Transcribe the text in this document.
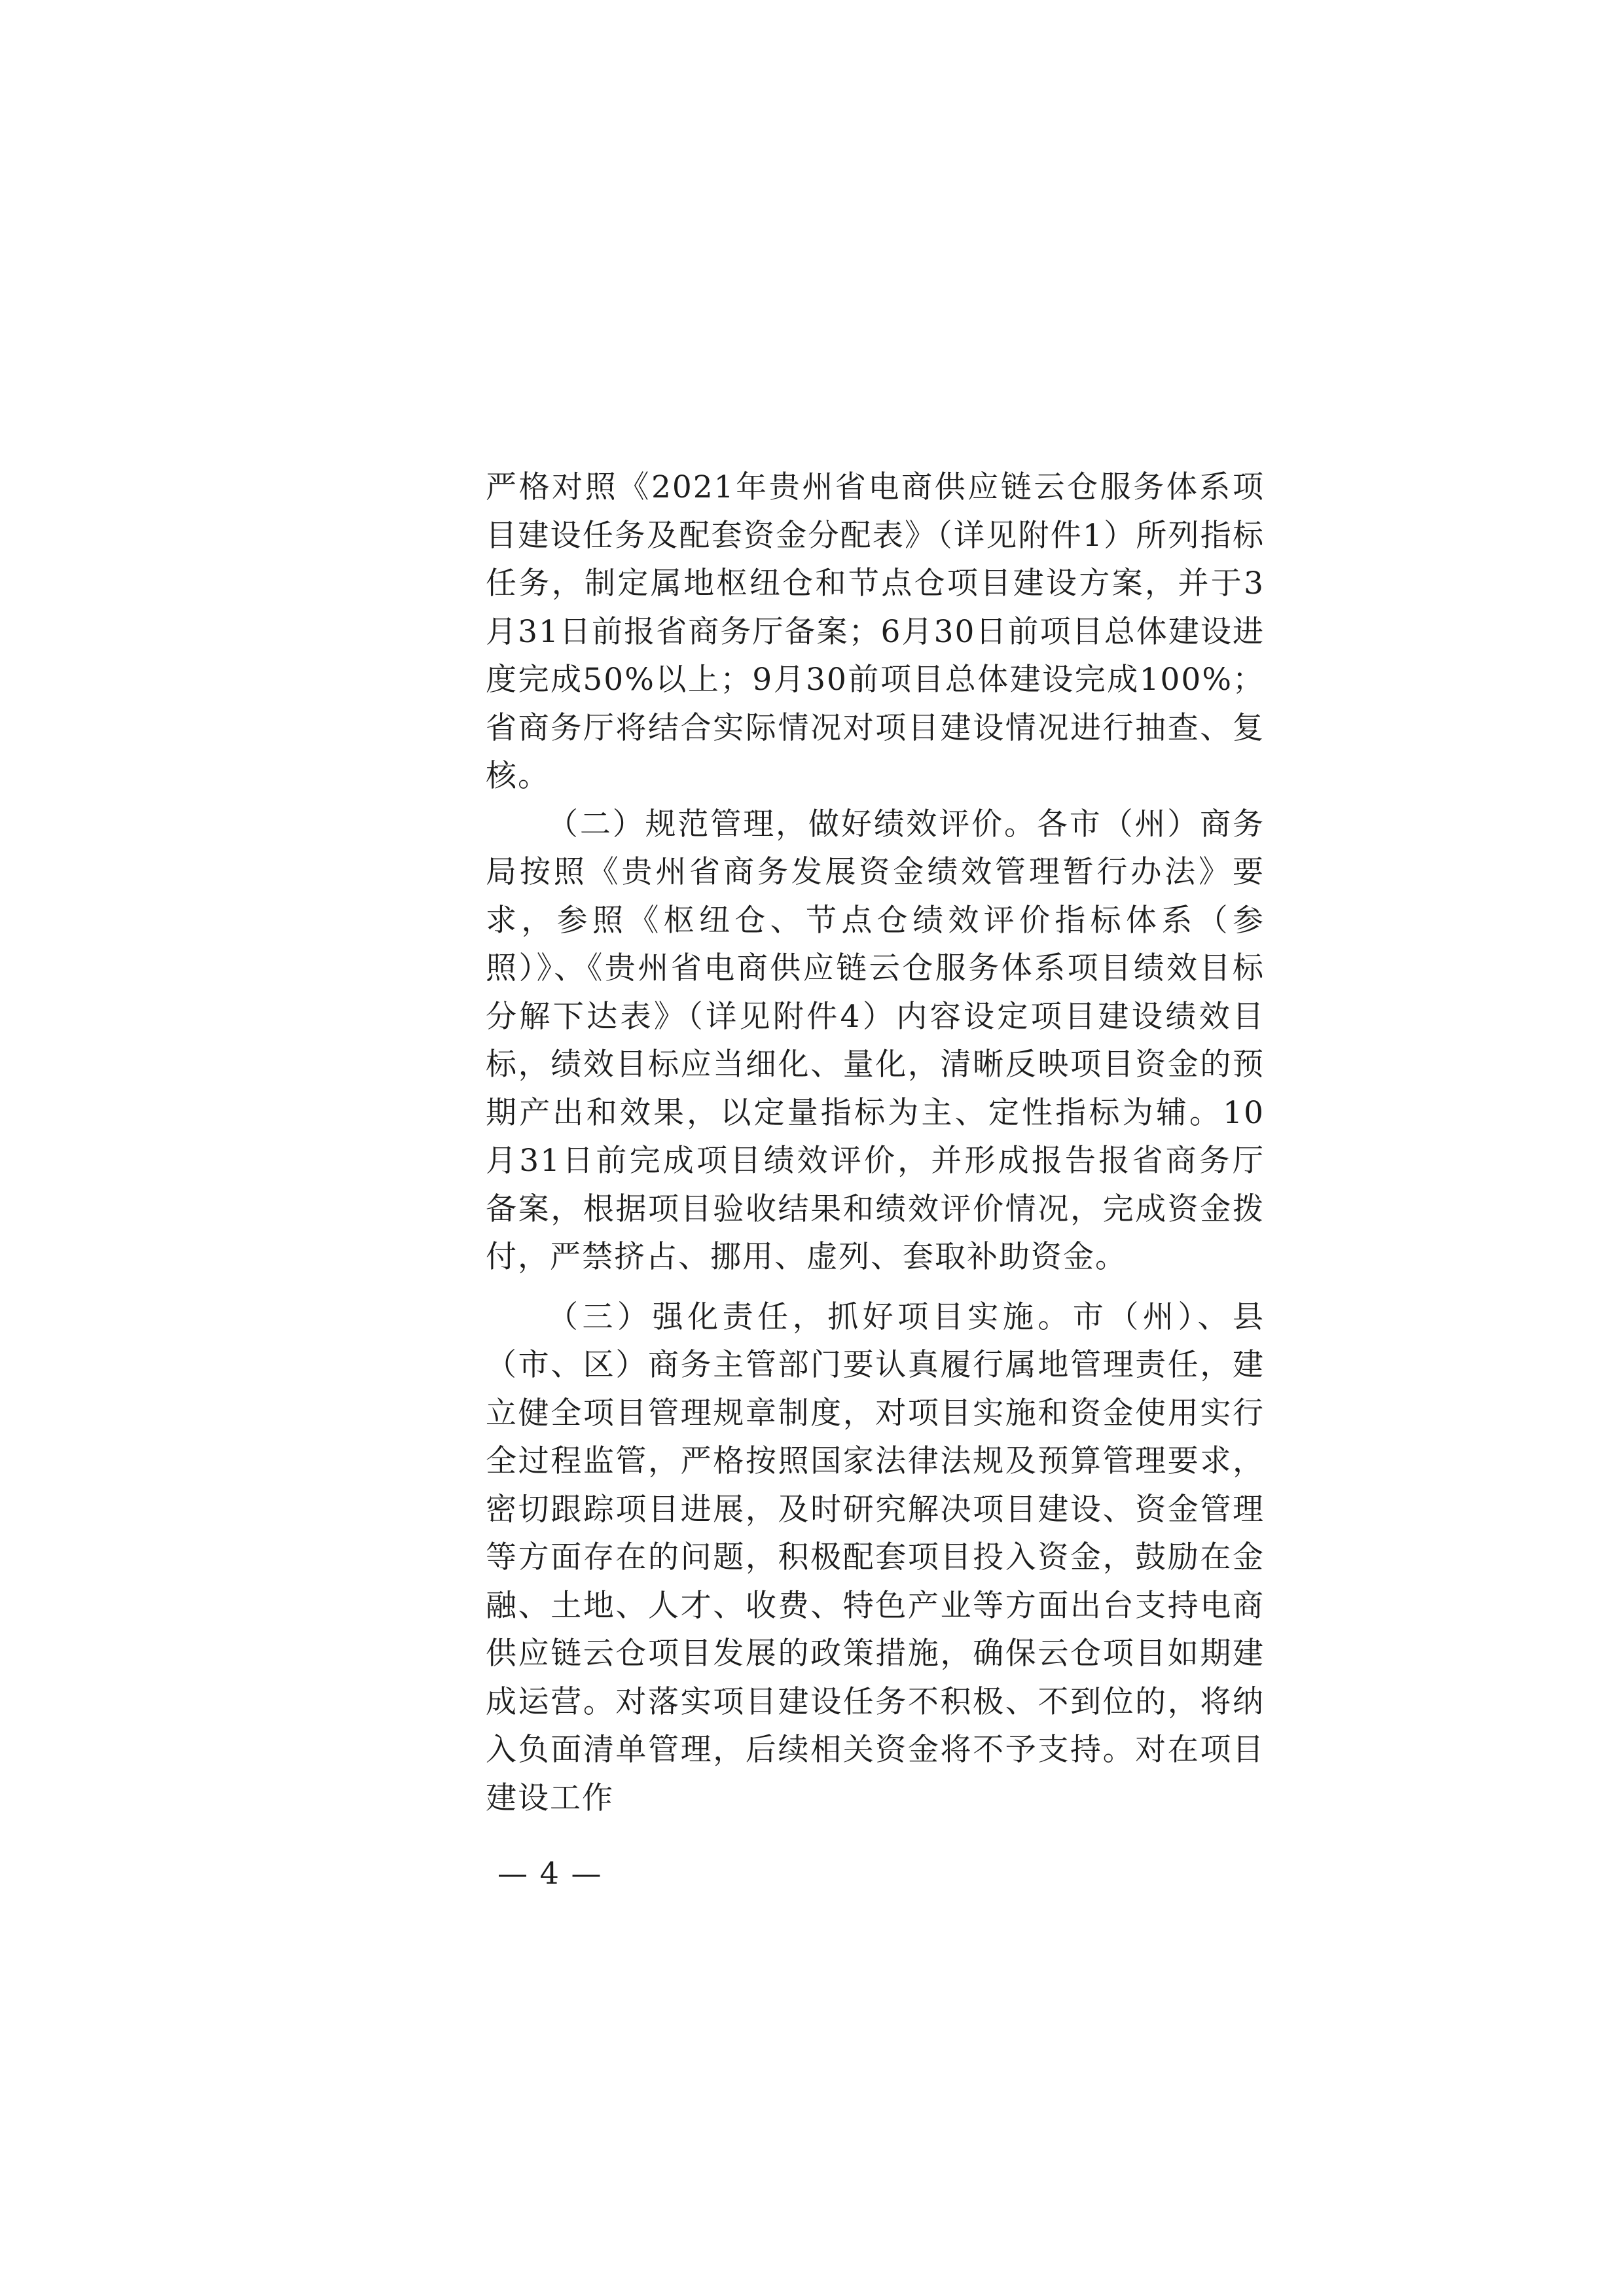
严格对照《2021年贵州省电商供应链云仓服务体系项目建设任务及配套资金分配表》（详见附件1）所列指标任务，制定属地枢纽仓和节点仓项目建设方案，并于3月31日前报省商务厅备案；6月30日前项目总体建设进度完成50%以上；9月30前项目总体建设完成100%；省商务厅将结合实际情况对项目建设情况进行抽查、复核。

（二）规范管理，做好绩效评价。各市（州）商务局按照《贵州省商务发展资金绩效管理暂行办法》要求，参照《枢纽仓、节点仓绩效评价指标体系（参照）》、《贵州省电商供应链云仓服务体系项目绩效目标分解下达表》（详见附件4）内容设定项目建设绩效目标，绩效目标应当细化、量化，清晰反映项目资金的预期产出和效果，以定量指标为主、定性指标为辅。10月31日前完成项目绩效评价，并形成报告报省商务厅备案，根据项目验收结果和绩效评价情况，完成资金拨付，严禁挤占、挪用、虚列、套取补助资金。

（三）强化责任，抓好项目实施。市（州）、县（市、区）商务主管部门要认真履行属地管理责任，建立健全项目管理规章制度，对项目实施和资金使用实行全过程监管，严格按照国家法律法规及预算管理要求，密切跟踪项目进展，及时研究解决项目建设、资金管理等方面存在的问题，积极配套项目投入资金，鼓励在金融、土地、人才、收费、特色产业等方面出台支持电商供应链云仓项目发展的政策措施，确保云仓项目如期建成运营。对落实项目建设任务不积极、不到位的，将纳入负面清单管理，后续相关资金将不予支持。对在项目建设工作

— 4 —
